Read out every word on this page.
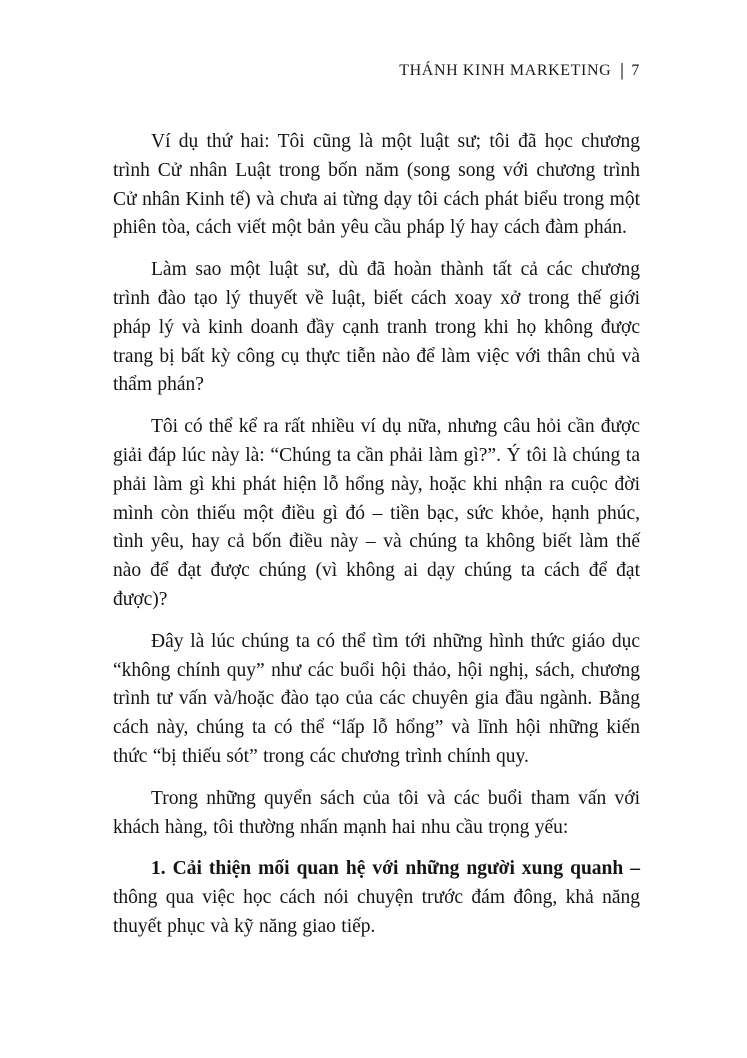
THÁNH KINH MARKETING | 7

Ví dụ thứ hai: Tôi cũng là một luật sư; tôi đã học chương trình Cử nhân Luật trong bốn năm (song song với chương trình Cử nhân Kinh tế) và chưa ai từng dạy tôi cách phát biểu trong một phiên tòa, cách viết một bản yêu cầu pháp lý hay cách đàm phán.

Làm sao một luật sư, dù đã hoàn thành tất cả các chương trình đào tạo lý thuyết về luật, biết cách xoay xở trong thế giới pháp lý và kinh doanh đầy cạnh tranh trong khi họ không được trang bị bất kỳ công cụ thực tiễn nào để làm việc với thân chủ và thẩm phán?

Tôi có thể kể ra rất nhiều ví dụ nữa, nhưng câu hỏi cần được giải đáp lúc này là: “Chúng ta cần phải làm gì?”. Ý tôi là chúng ta phải làm gì khi phát hiện lỗ hổng này, hoặc khi nhận ra cuộc đời mình còn thiếu một điều gì đó – tiền bạc, sức khỏe, hạnh phúc, tình yêu, hay cả bốn điều này – và chúng ta không biết làm thế nào để đạt được chúng (vì không ai dạy chúng ta cách để đạt được)?

Đây là lúc chúng ta có thể tìm tới những hình thức giáo dục “không chính quy” như các buổi hội thảo, hội nghị, sách, chương trình tư vấn và/hoặc đào tạo của các chuyên gia đầu ngành. Bằng cách này, chúng ta có thể “lấp lỗ hổng” và lĩnh hội những kiến thức “bị thiếu sót” trong các chương trình chính quy.

Trong những quyển sách của tôi và các buổi tham vấn với khách hàng, tôi thường nhấn mạnh hai nhu cầu trọng yếu:

1. Cải thiện mối quan hệ với những người xung quanh – thông qua việc học cách nói chuyện trước đám đông, khả năng thuyết phục và kỹ năng giao tiếp.
